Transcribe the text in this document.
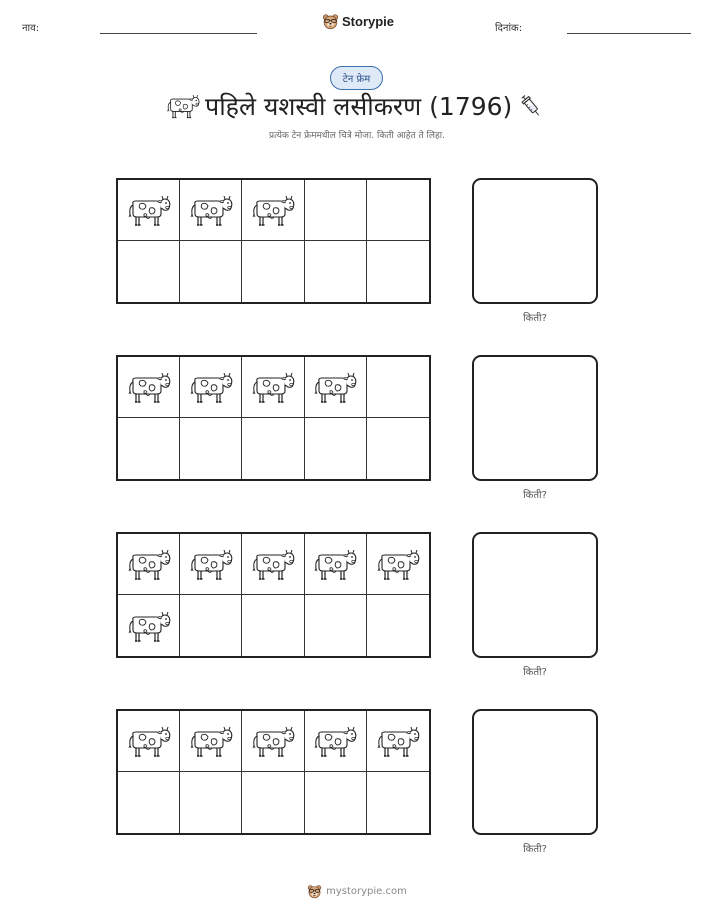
नाव:	Storypie	दिनांक:
टेन फ्रेम
पहिले यशस्वी लसीकरण (1796)
प्रत्येक टेन फ्रेममधील चित्रे मोजा. किती आहेत ते लिहा.
किती?
किती?
किती?
किती?
mystorypie.com
